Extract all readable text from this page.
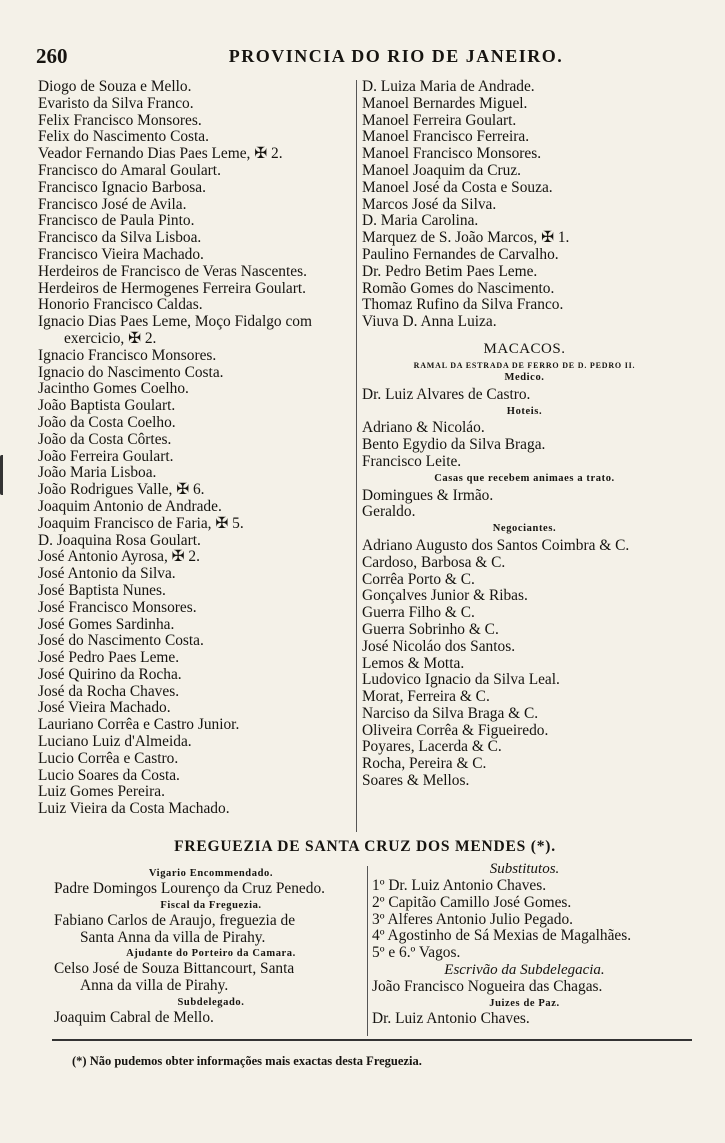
260	PROVINCIA DO RIO DE JANEIRO.
Diogo de Souza e Mello.
Evaristo da Silva Franco.
Felix Francisco Monsores.
Felix do Nascimento Costa.
Veador Fernando Dias Paes Leme, ✠ 2.
Francisco do Amaral Goulart.
Francisco Ignacio Barbosa.
Francisco José de Avila.
Francisco de Paula Pinto.
Francisco da Silva Lisboa.
Francisco Vieira Machado.
Herdeiros de Francisco de Veras Nascentes.
Herdeiros de Hermogenes Ferreira Goulart.
Honorio Francisco Caldas.
Ignacio Dias Paes Leme, Moço Fidalgo com
exercicio, ✠ 2.
Ignacio Francisco Monsores.
Ignacio do Nascimento Costa.
Jacintho Gomes Coelho.
João Baptista Goulart.
João da Costa Coelho.
João da Costa Côrtes.
João Ferreira Goulart.
João Maria Lisboa.
João Rodrigues Valle, ✠ 6.
Joaquim Antonio de Andrade.
Joaquim Francisco de Faria, ✠ 5.
D. Joaquina Rosa Goulart.
José Antonio Ayrosa, ✠ 2.
José Antonio da Silva.
José Baptista Nunes.
José Francisco Monsores.
José Gomes Sardinha.
José do Nascimento Costa.
José Pedro Paes Leme.
José Quirino da Rocha.
José da Rocha Chaves.
José Vieira Machado.
Lauriano Corrêa e Castro Junior.
Luciano Luiz d'Almeida.
Lucio Corrêa e Castro.
Lucio Soares da Costa.
Luiz Gomes Pereira.
Luiz Vieira da Costa Machado.
D. Luiza Maria de Andrade.
Manoel Bernardes Miguel.
Manoel Ferreira Goulart.
Manoel Francisco Ferreira.
Manoel Francisco Monsores.
Manoel Joaquim da Cruz.
Manoel José da Costa e Souza.
Marcos José da Silva.
D. Maria Carolina.
Marquez de S. João Marcos, ✠ 1.
Paulino Fernandes de Carvalho.
Dr. Pedro Betim Paes Leme.
Romão Gomes do Nascimento.
Thomaz Rufino da Silva Franco.
Viuva D. Anna Luiza.
MACACOS.
RAMAL DA ESTRADA DE FERRO DE D. PEDRO II.
Medico.
Dr. Luiz Alvares de Castro.
Hoteis.
Adriano & Nicoláo.
Bento Egydio da Silva Braga.
Francisco Leite.
Casas que recebem animaes a trato.
Domingues & Irmão.
Geraldo.
Negociantes.
Adriano Augusto dos Santos Coimbra & C.
Cardoso, Barbosa & C.
Corrêa Porto & C.
Gonçalves Junior & Ribas.
Guerra Filho & C.
Guerra Sobrinho & C.
José Nicoláo dos Santos.
Lemos & Motta.
Ludovico Ignacio da Silva Leal.
Morat, Ferreira & C.
Narciso da Silva Braga & C.
Oliveira Corrêa & Figueiredo.
Poyares, Lacerda & C.
Rocha, Pereira & C.
Soares & Mellos.
FREGUEZIA DE SANTA CRUZ DOS MENDES (*).
Vigario Encommendado.
Padre Domingos Lourenço da Cruz Penedo.
Fiscal da Freguezia.
Fabiano Carlos de Araujo, freguezia de
Santa Anna da villa de Pirahy.
Ajudante do Porteiro da Camara.
Celso José de Souza Bittancourt, Santa
Anna da villa de Pirahy.
Subdelegado.
Joaquim Cabral de Mello.
Substitutos.
1º Dr. Luiz Antonio Chaves.
2º Capitão Camillo José Gomes.
3º Alferes Antonio Julio Pegado.
4º Agostinho de Sá Mexias de Magalhães.
5º e 6.º Vagos.
Escrivão da Subdelegacia.
João Francisco Nogueira das Chagas.
Juizes de Paz.
Dr. Luiz Antonio Chaves.
(*) Não pudemos obter informações mais exactas desta Freguezia.
